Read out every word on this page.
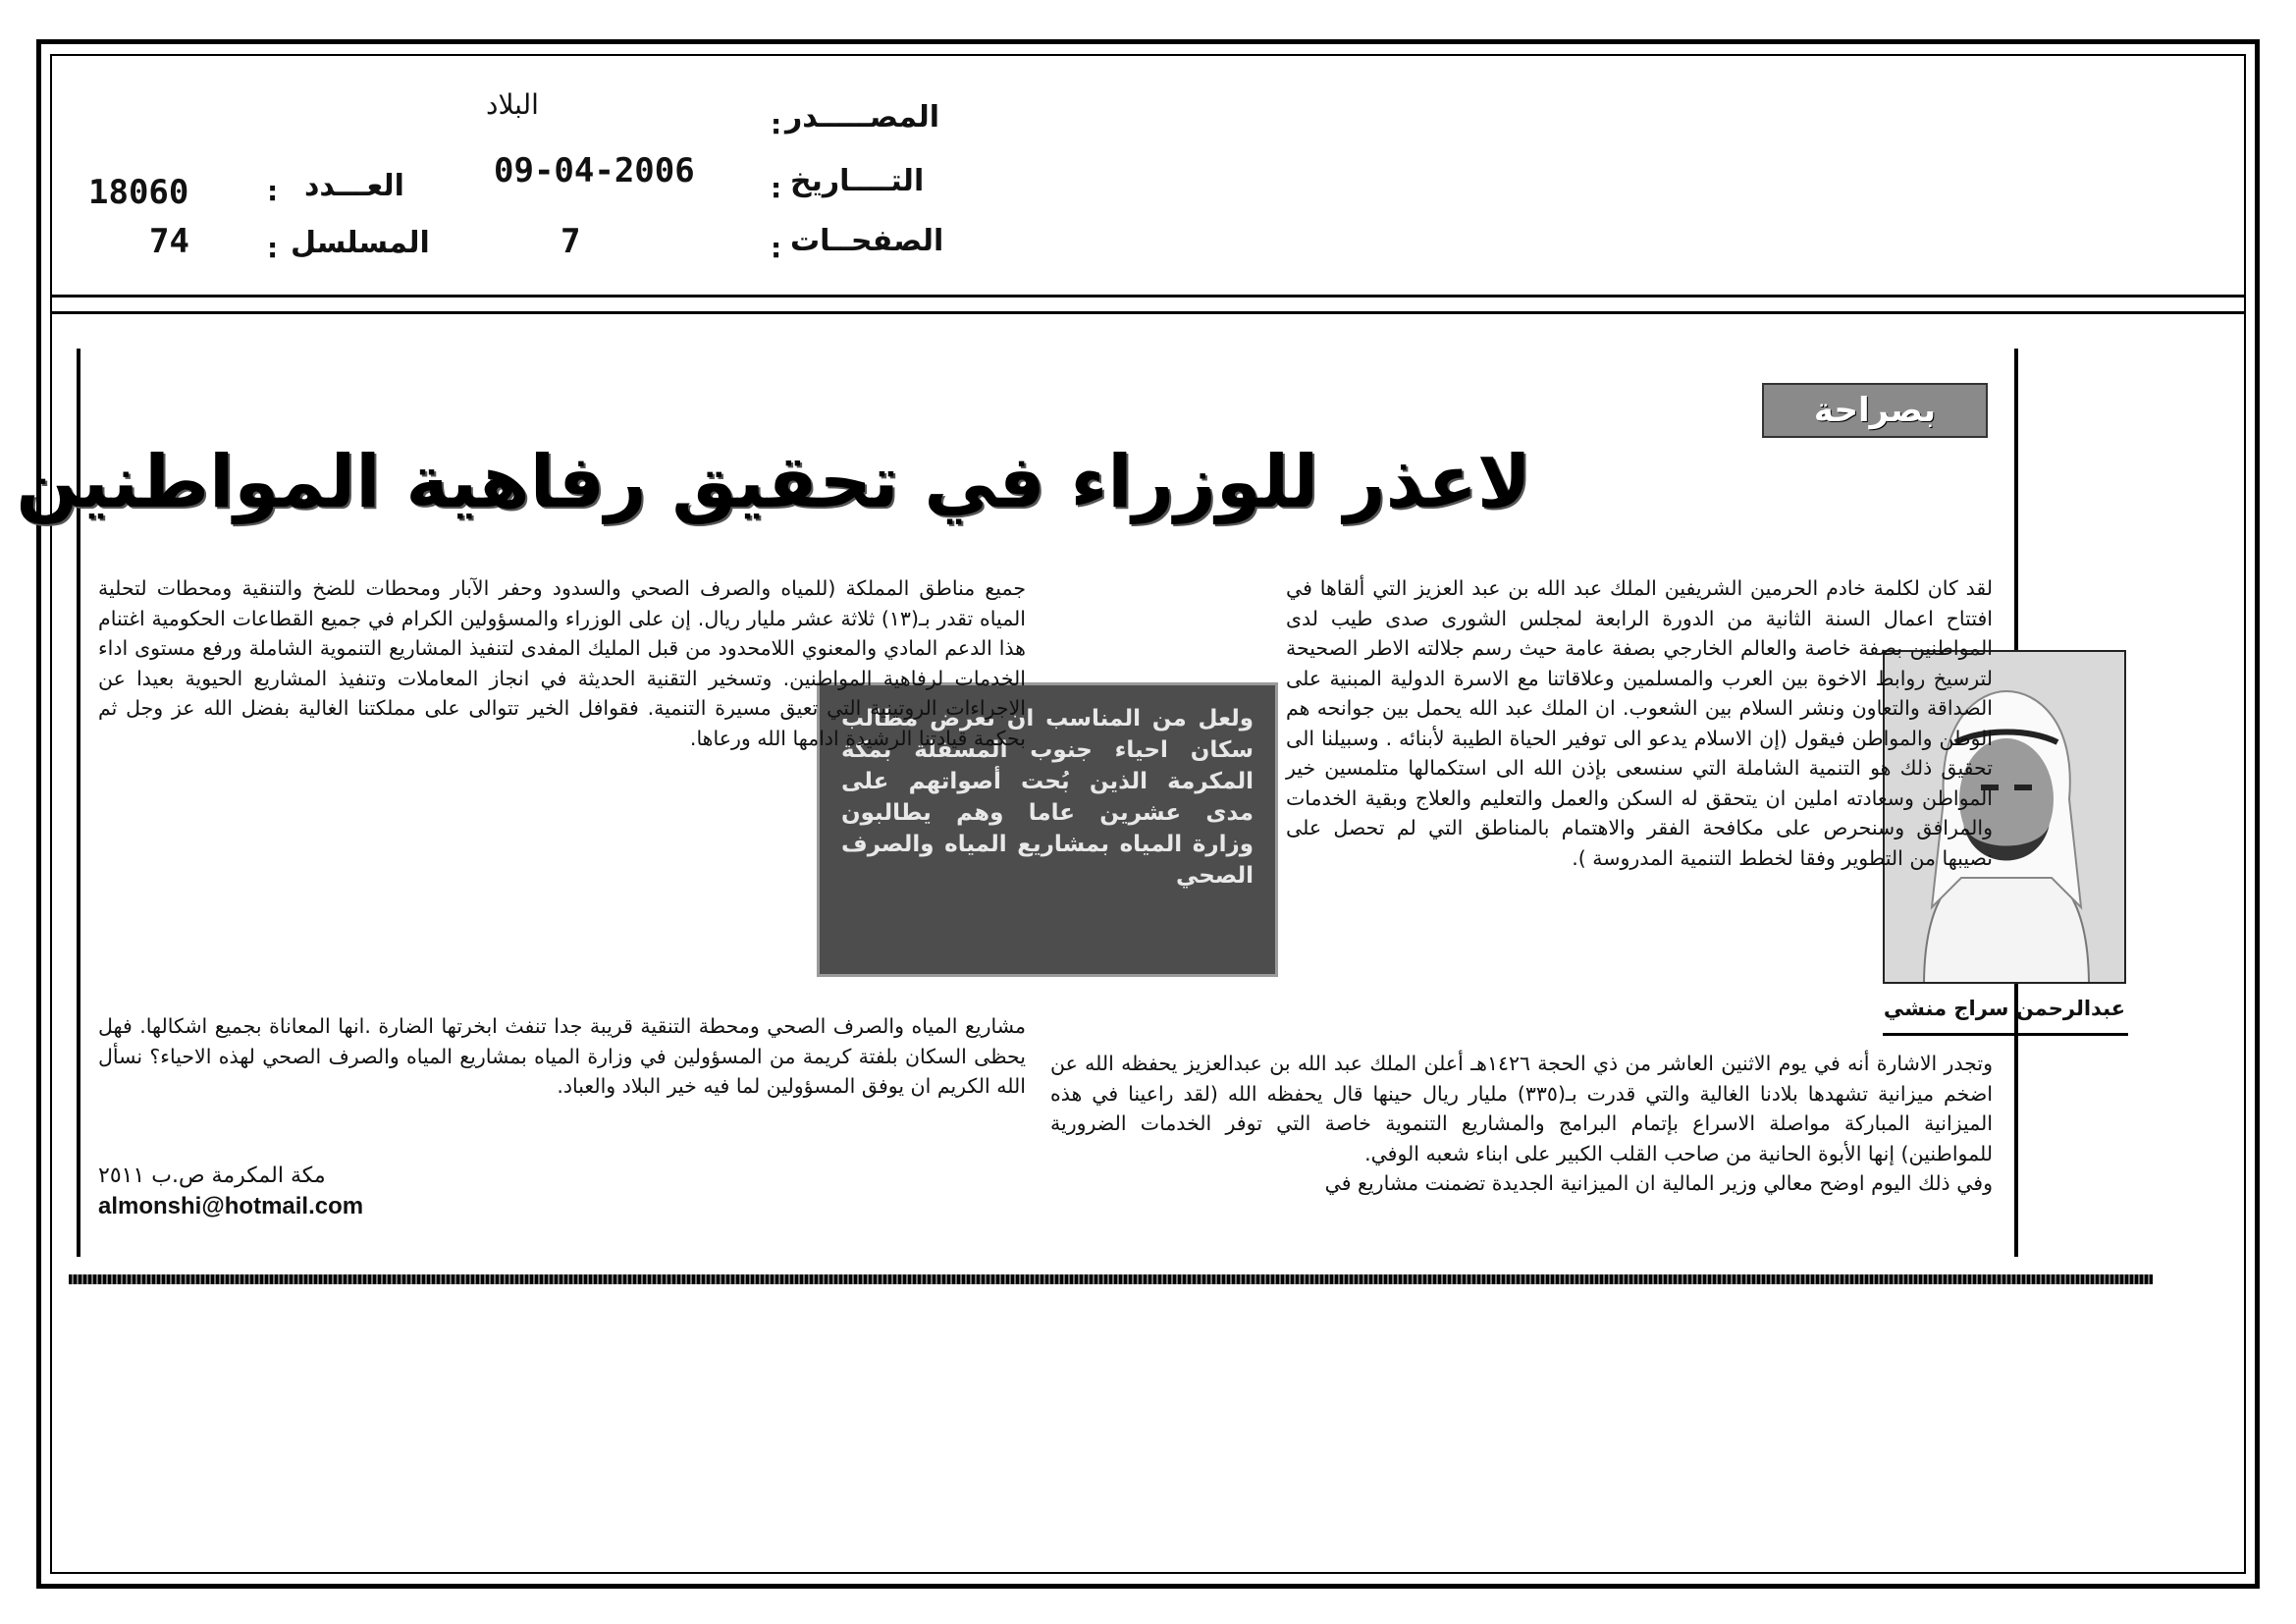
المصـــــدر
:
البلاد
التــــاريخ
:
09-04-2006
الصفحــات
:
7
العـــدد
:
18060
المسلسل
:
74
بصراحة
لاعذر للوزراء في تحقيق رفاهية المواطنين
عبدالرحمن سراج منشي

لقد كان لكلمة خادم الحرمين الشريفين الملك عبد الله بن عبد العزيز التي ألقاها في افتتاح اعمال السنة الثانية من الدورة الرابعة لمجلس الشورى صدى طيب لدى المواطنين بصفة خاصة والعالم الخارجي بصفة عامة حيث رسم جلالته الاطر الصحيحة لترسيخ روابط الاخوة بين العرب والمسلمين وعلاقاتنا مع الاسرة الدولية المبنية على الصداقة والتعاون ونشر السلام بين الشعوب. ان الملك عبد الله يحمل بين جوانحه هم الوطن والمواطن فيقول (إن الاسلام يدعو الى توفير الحياة الطيبة لأبنائه . وسبيلنا الى تحقيق ذلك هو التنمية الشاملة التي سنسعى بإذن الله الى استكمالها متلمسين خير المواطن وسعادته املين ان يتحقق له السكن والعمل والتعليم والعلاج وبقية الخدمات والمرافق وسنحرص على مكافحة الفقر والاهتمام بالمناطق التي لم تحصل على نصيبها من التطوير وفقا لخطط التنمية المدروسة ).

وتجدر الاشارة أنه في يوم الاثنين العاشر من ذي الحجة ١٤٢٦هـ أعلن الملك عبد الله بن عبدالعزيز يحفظه الله عن اضخم ميزانية تشهدها بلادنا الغالية والتي قدرت بـ(٣٣٥) مليار ريال حينها قال يحفظه الله (لقد راعينا في هذه الميزانية المباركة مواصلة الاسراع بإتمام البرامج والمشاريع التنموية خاصة التي توفر الخدمات الضرورية للمواطنين) إنها الأبوة الحانية من صاحب القلب الكبير على ابناء شعبه الوفي.

وفي ذلك اليوم اوضح معالي وزير المالية ان الميزانية الجديدة تضمنت مشاريع في

ولعل من المناسب ان نعرض مطالب سكان احياء جنوب المسفلة بمكة المكرمة الذين بُحت أصواتهم على مدى عشرين عاما وهم يطالبون وزارة المياه بمشاريع المياه والصرف الصحي

جميع مناطق المملكة (للمياه والصرف الصحي والسدود وحفر الآبار ومحطات للضخ والتنقية ومحطات لتحلية المياه تقدر بـ(١٣) ثلاثة عشر مليار ريال. إن على الوزراء والمسؤولين الكرام في جميع القطاعات الحكومية اغتنام هذا الدعم المادي والمعنوي اللامحدود من قبل المليك المفدى لتنفيذ المشاريع التنموية الشاملة ورفع مستوى اداء الخدمات لرفاهية المواطنين. وتسخير التقنية الحديثة في انجاز المعاملات وتنفيذ المشاريع الحيوية بعيدا عن الاجراءات الروتينية التي تعيق مسيرة التنمية. فقوافل الخير تتوالى على مملكتنا الغالية بفضل الله عز وجل ثم بحكمة قيادتنا الرشيدة ادامها الله ورعاها.

مشاريع المياه والصرف الصحي ومحطة التنقية قريبة جدا تنفث ابخرتها الضارة .انها المعاناة بجميع اشكالها. فهل يحظى السكان بلفتة كريمة من المسؤولين في وزارة المياه بمشاريع المياه والصرف الصحي لهذه الاحياء؟ نسأل الله الكريم ان يوفق المسؤولين لما فيه خير البلاد والعباد.

مكة المكرمة ص.ب ٢٥١١
almonshi@hotmail.com
